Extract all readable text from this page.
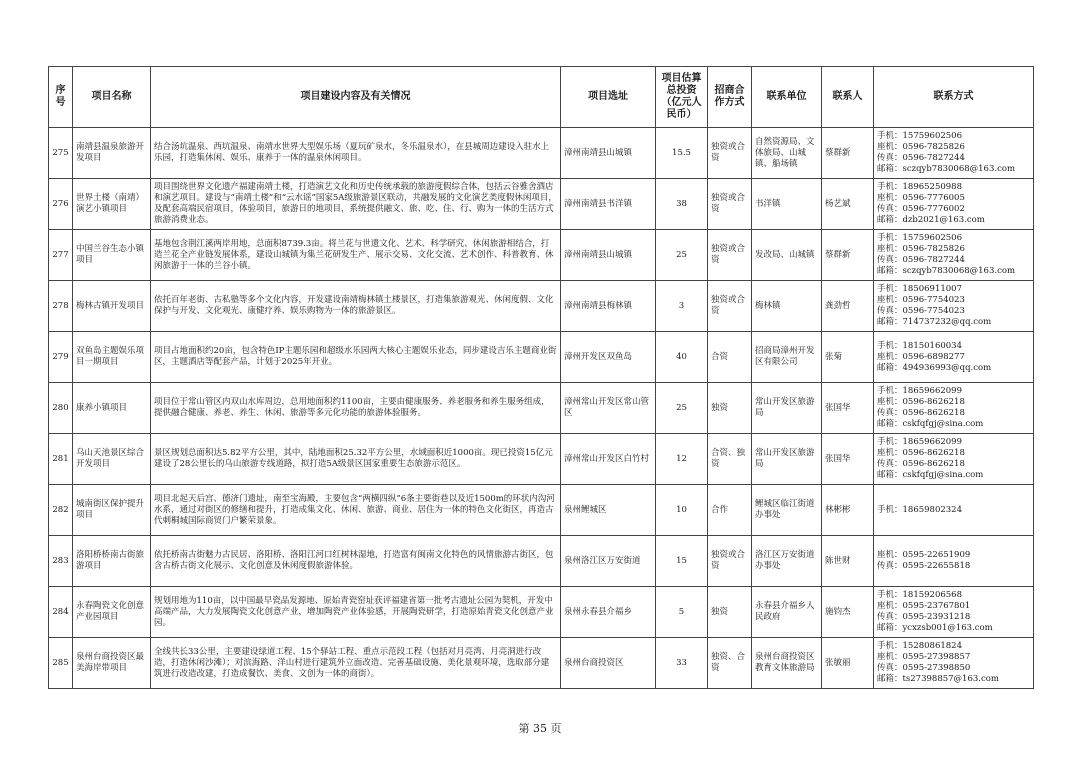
序号	项目名称	项目建设内容及有关情况	项目选址	项目估算总投资（亿元人民币）	招商合作方式	联系单位	联系人	联系方式
275	南靖县温泉旅游开发项目	结合汤坑温泉、西坑温泉、南靖水世界大型娱乐场（夏玩矿泉水，冬乐温泉水），在县城周边建设入驻水上乐园，打造集休闲、娱乐、康养于一体的温泉休闲项目。	漳州南靖县山城镇	15.5	独资或合资	自然资源局、文体旅局、山城镇、船场镇	蔡群新	手机：15759602506
座机：0596-7825826
传真：0596-7827244
邮箱：sczqyb7830068@163.com

276	世界土楼（南靖）演艺小镇项目	项目围绕世界文化遗产福建南靖土楼，打造演艺文化和历史传统承载的旅游度假综合体，包括云谷雅舍酒店和演艺项目。建设与“南靖土楼”和“云水谣”国家5A级旅游景区联动，共融发展的文化演艺类度假休闲项目，及配套高端民宿项目，体验项目，旅游日的地项目，系统提供融文、旅、吃、住、行、购为一体的生活方式旅游消费业态。	漳州南靖县书洋镇	38	独资或合资	书洋镇	杨艺斌	手机：18965250988
座机：0596-7776005
传真：0596-7776002
邮箱：dzb2021@163.com

277	中国兰谷生态小镇项目	基地包含荆江溪两岸用地，总面积8739.3亩。将兰花与世遗文化、艺术、科学研究、休闲旅游相结合，打造兰花全产业链发展体系，建设山城镇为集兰花研发生产、展示交易、文化交流、艺术创作、科普教育、休闲旅游于一体的兰谷小镇。	漳州南靖县山城镇	25	独资或合资	发改局、山城镇	蔡群新	手机：15759602506
座机：0596-7825826
传真：0596-7827244
邮箱：sczqyb7830068@163.com

278	梅林古镇开发项目	依托百年老街、古私塾等多个文化内容，开发建设南靖梅林镇土楼景区，打造集旅游观光、休闲度假、文化保护与开发、文化观光、康健疗养、娱乐购物为一体的旅游景区。	漳州南靖县梅林镇	3	独资或合资	梅林镇	龚劲哲	手机：18506911007
座机：0596-7754023
传真：0596-7754023
邮箱：714737232@qq.com

279	双鱼岛主题娱乐项目一期项目	项目占地面积约20亩，包含特色IP主题乐园和超级水乐园两大核心主题娱乐业态，同步建设吉乐主题商业街区，主题酒店等配套产品，计划于2025年开业。	漳州开发区双鱼岛	40	合资	招商局漳州开发区有限公司	张菊	手机：18150160034
座机：0596-6898277
邮箱：494936993@qq.com

280	康养小镇项目	项目位于常山管区内双山水库周边，总用地面积约1100亩，主要由健康服务、养老服务和养生服务组成，提供融合健康、养老、养生、休闲、旅游等多元化功能的旅游体验服务。	漳州常山开发区常山管区	25	独资	常山开发区旅游局	张国华	手机：18659662099
座机：0596-8626218
传真：0596-8626218
邮箱：cskfqfgj@sina.com

281	乌山天池景区综合开发项目	景区规划总面积达5.82平方公里，其中，陆地面积25.32平方公里，水域面积近1000亩。现已投资15亿元建设了28公里长的乌山旅游专线道路，拟打造5A级景区国家重要生态旅游示范区。	漳州常山开发区白竹村	12	合资、独资	常山开发区旅游局	张国华	手机：18659662099
座机：0596-8626218
传真：0596-8626218
邮箱：cskfqfgj@sina.com

282	城南街区保护提升项目	项目北起天后宫、德济门遗址，南至宝海殿，主要包含“两横四纵”6条主要街巷以及近1500m的环状内沟河水系，通过对街区的修缮和提升，打造成集文化、休闲、旅游、商业、居住为一体的特色文化街区，再造古代刺桐城国际商贸门户繁荣景象。	泉州鲤城区	10	合作	鲤城区临江街道办事处	林彬彬	手机：18659802324

283	洛阳桥桥南古街旅游项目	依托桥南古街魅力古民居、洛阳桥、洛阳江河口红树林湿地，打造富有闽南文化特色的风情旅游古街区，包含古桥古街文化展示、文化创意及休闲度假旅游体验。	泉州洛江区万安街道	15	独资或合资	洛江区万安街道办事处	陈世财	座机：0595-22651909
传真：0595-22655818

284	永春陶瓷文化创意产业园项目	规划用地为110亩，以中国最早瓷品发源地、原始青瓷窑址获评福建省第一批考古遗址公园为契机，开发中高端产品，大力发展陶瓷文化创意产业，增加陶瓷产业体验感，开展陶瓷研学，打造原始青瓷文化创意产业园。	泉州永春县介福乡	5	独资	永春县介福乡人民政府	施钧杰	手机：18159206568
座机：0595-23767801
传真：0595-23931218
邮箱：ycxzsb001@163.com

285	泉州台商投资区最美海岸带项目	全线共长33公里，主要建设绿道工程、15个驿站工程、重点示范段工程（包括对月亮湾、月亮洞进行改造，打造休闲沙滩）；对滨海路、洋山村进行建筑外立面改造、完善基础设施、美化景观环境，选取部分建筑进行改造改建，打造成餐饮、美食、文创为一体的商街）。	泉州台商投资区	33	独资、合资	泉州台商投资区教育文体旅游局	张敏丽	手机：15280861824
座机：0595-27398857
传真：0595-27398850
邮箱：ts27398857@163.com
第 35 页
